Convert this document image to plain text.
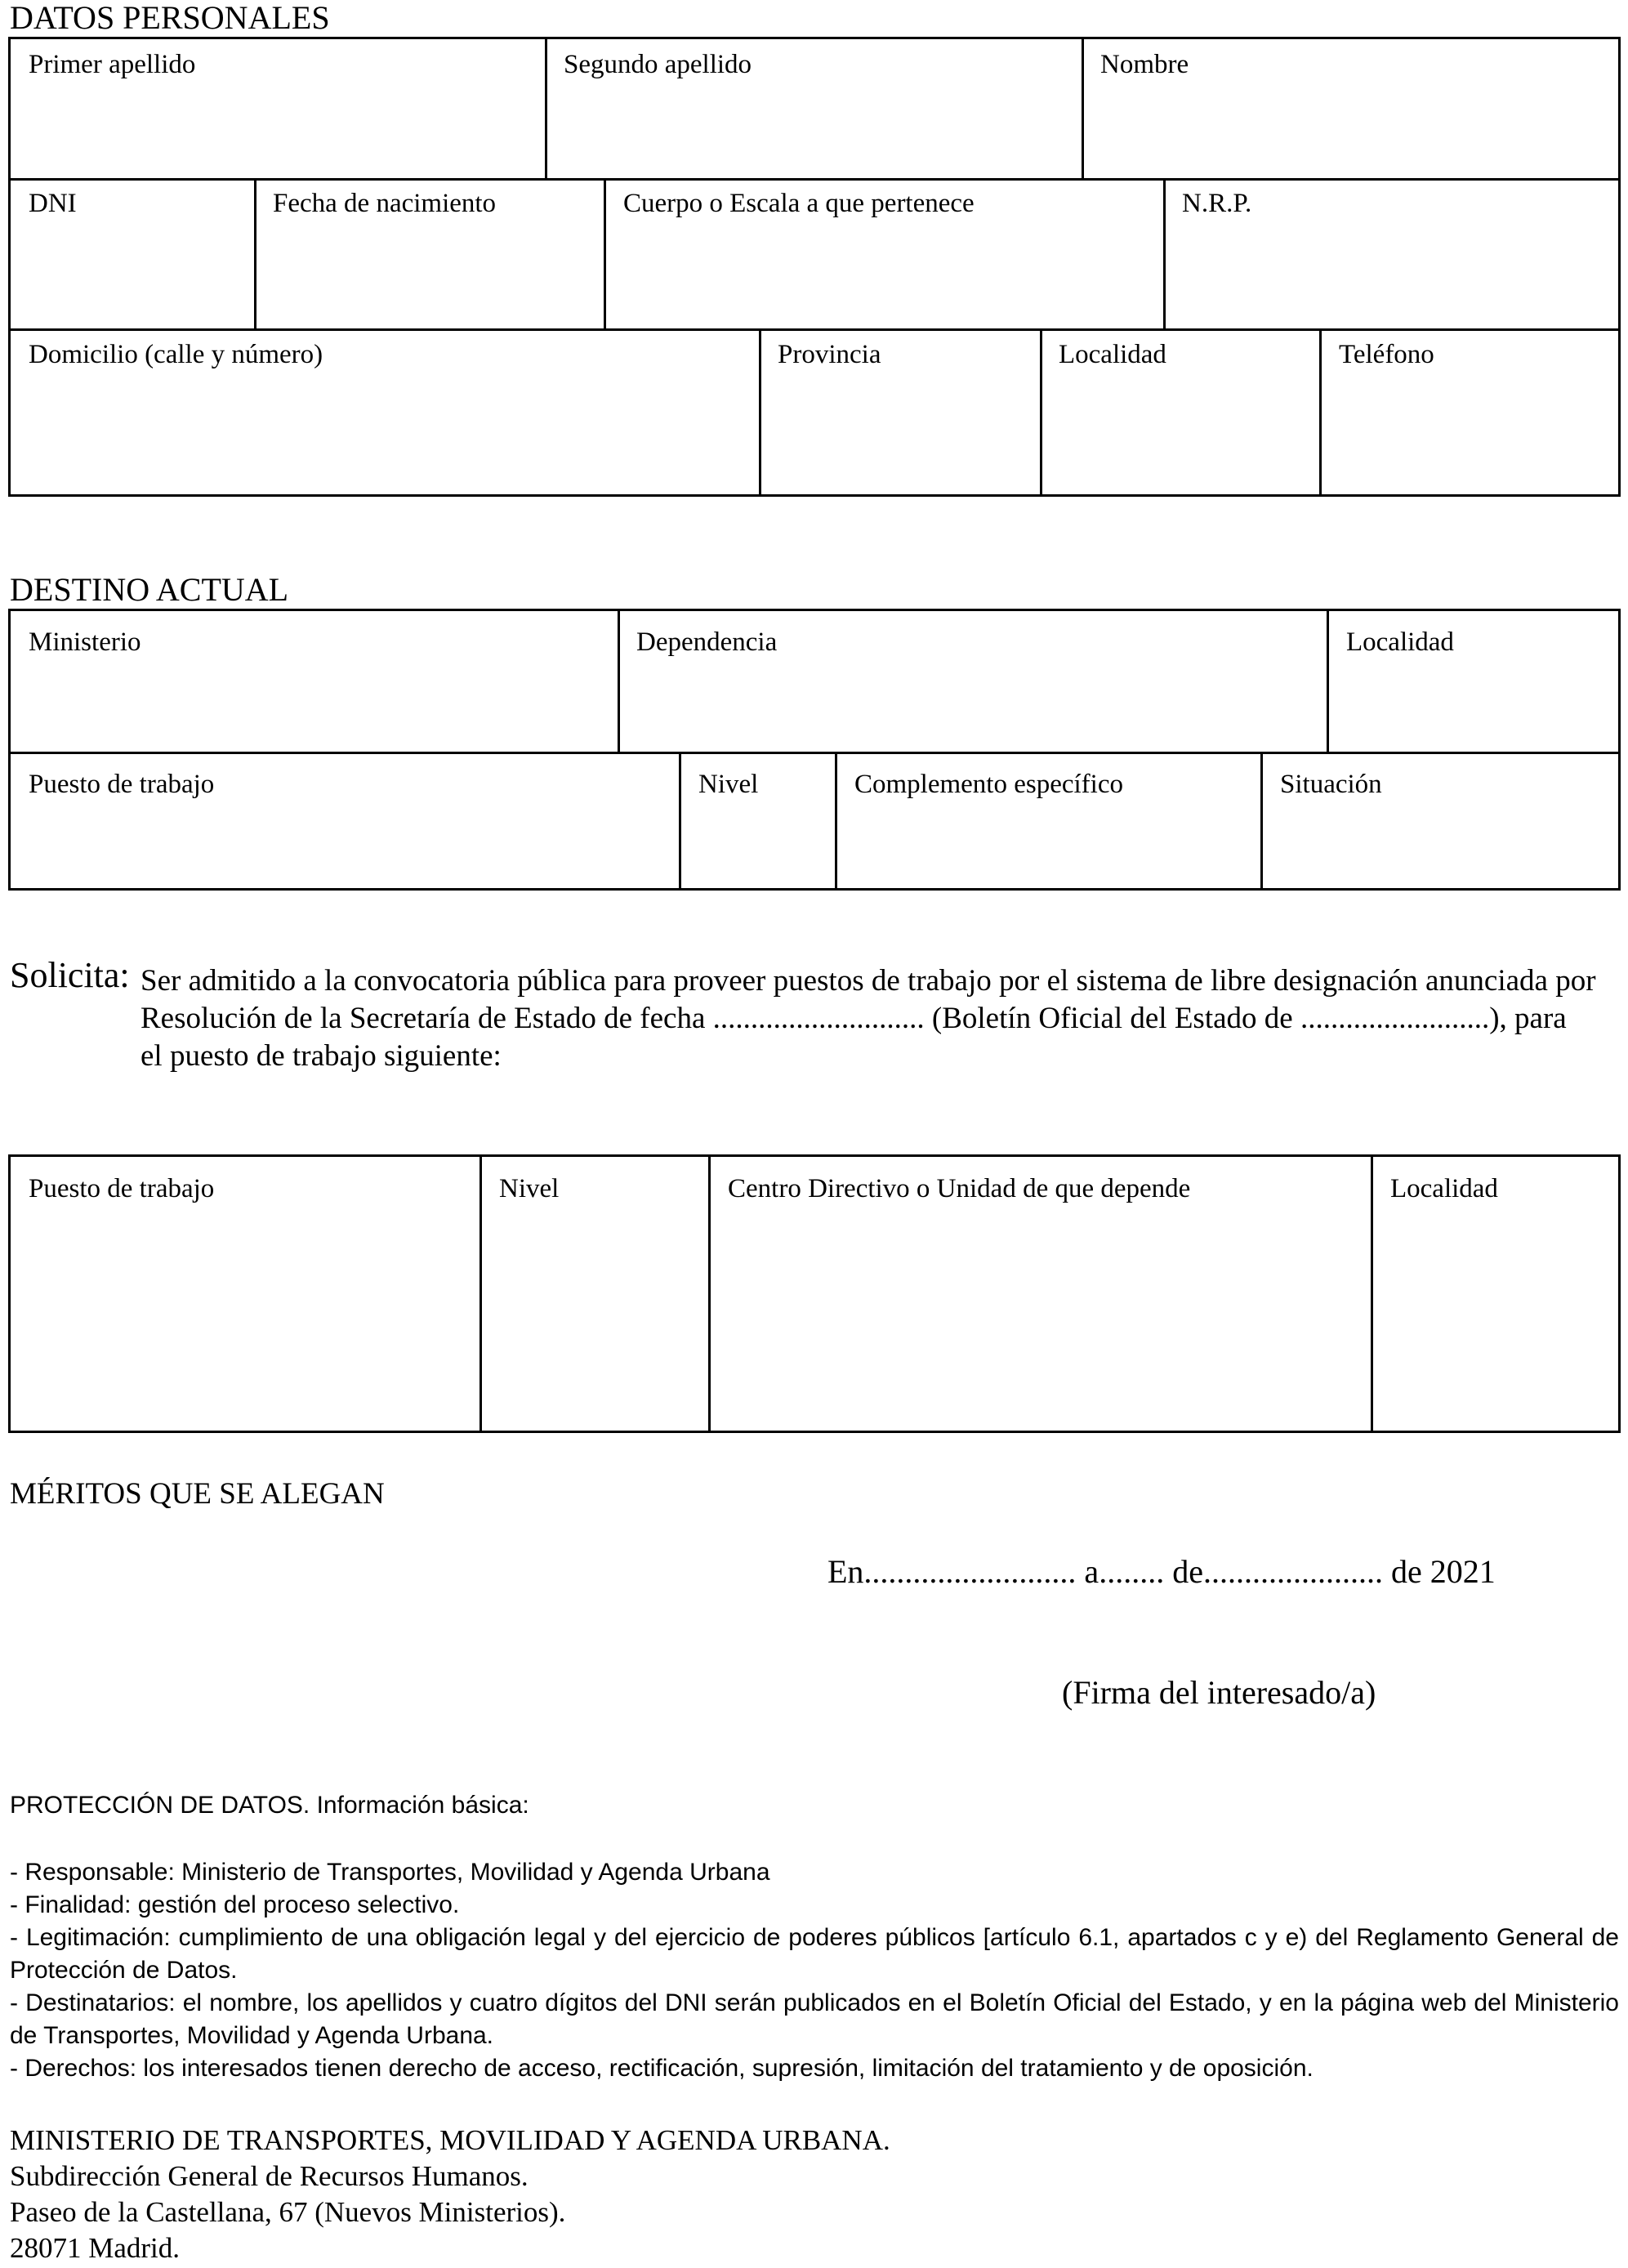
DATOS PERSONALES
Primer apellido	Segundo apellido	Nombre
DNI	Fecha de nacimiento	Cuerpo o Escala a que pertenece	N.R.P.
Domicilio (calle y número)	Provincia	Localidad	Teléfono
DESTINO ACTUAL
Ministerio	Dependencia	Localidad
Puesto de trabajo	Nivel	Complemento específico	Situación
Solicita: Ser admitido a la convocatoria pública para proveer puestos de trabajo por el sistema de libre designación anunciada por
Resolución de la Secretaría de Estado de fecha ............................ (Boletín Oficial del Estado de .........................), para
el puesto de trabajo siguiente:
Puesto de trabajo	Nivel	Centro Directivo o Unidad de que depende	Localidad
MÉRITOS QUE SE ALEGAN
En.......................... a........ de...................... de 2021
(Firma del interesado/a)
PROTECCIÓN DE DATOS. Información básica:
- Responsable: Ministerio de Transportes, Movilidad y Agenda Urbana
- Finalidad: gestión del proceso selectivo.
- Legitimación: cumplimiento de una obligación legal y del ejercicio de poderes públicos [artículo 6.1, apartados c y e) del Reglamento General de Protección de Datos.
- Destinatarios: el nombre, los apellidos y cuatro dígitos del DNI serán publicados en el Boletín Oficial del Estado, y en la página web del Ministerio de Transportes, Movilidad y Agenda Urbana.
- Derechos: los interesados tienen derecho de acceso, rectificación, supresión, limitación del tratamiento y de oposición.
MINISTERIO DE TRANSPORTES, MOVILIDAD Y AGENDA URBANA.
Subdirección General de Recursos Humanos.
Paseo de la Castellana, 67 (Nuevos Ministerios).
28071 Madrid.
